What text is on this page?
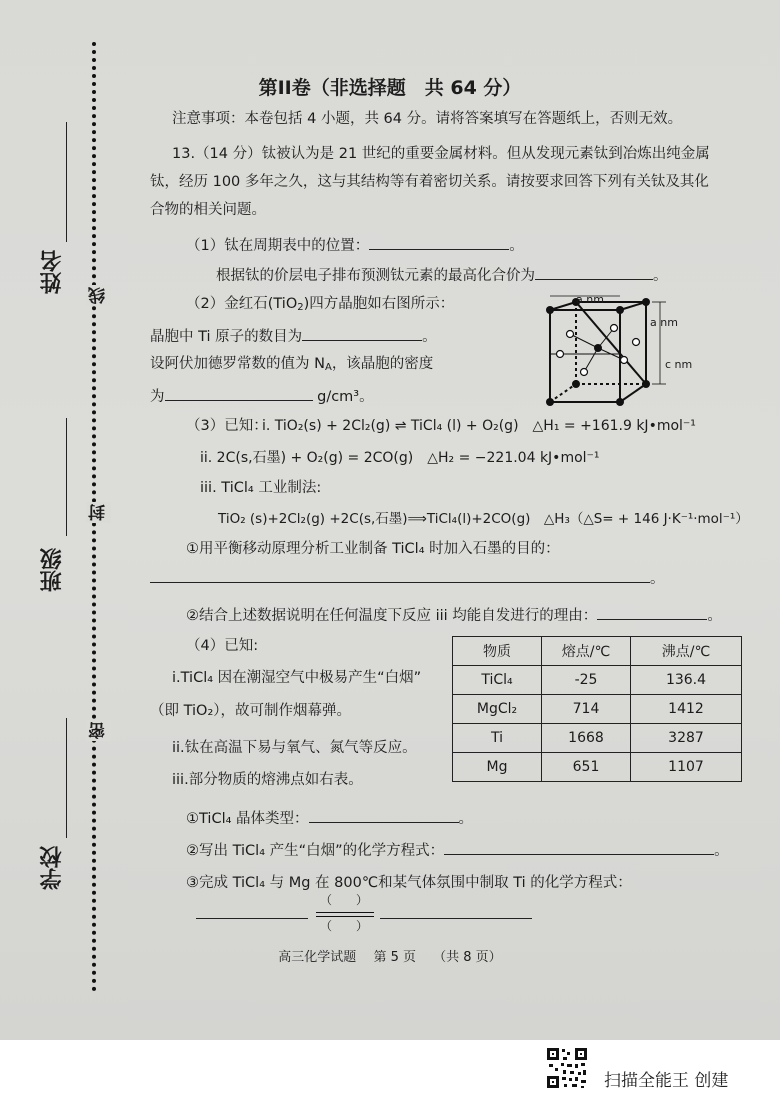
姓名
线
班级
封
学校
密
第II卷（非选择题　共 64 分）
注意事项：本卷包括 4 小题，共 64 分。请将答案填写在答题纸上，否则无效。
13.（14 分）钛被认为是 21 世纪的重要金属材料。但从发现元素钛到冶炼出纯金属
钛，经历 100 多年之久，这与其结构等有着密切关系。请按要求回答下列有关钛及其化
合物的相关问题。
（1）钛在周期表中的位置：	。
根据钛的价层电子排布预测钛元素的最高化合价为	。
（2）金红石(TiO$_2$)四方晶胞如右图所示：
晶胞中 Ti 原子的数目为	。
设阿伏加德罗常数的值为 $N_A$，该晶胞的密度
为	g/cm³。
a nm
a nm
c nm
（3）已知：
i. TiO₂(s) + 2Cl₂(g) ⇌ TiCl₄ (l) + O₂(g)　△H₁ = +161.9 kJ•mol⁻¹
ii. 2C(s,石墨) + O₂(g) = 2CO(g)　△H₂ = −221.04 kJ•mol⁻¹
iii. TiCl₄ 工业制法:
TiO₂ (s)+2Cl₂(g) +2C(s,石墨)⟹TiCl₄(l)+2CO(g)　△H₃（△S= + 146 J·K⁻¹·mol⁻¹）
①用平衡移动原理分析工业制备 TiCl₄ 时加入石墨的目的：
。
②结合上述数据说明在任何温度下反应 iii 均能自发进行的理由：	。
（4）已知:
i.TiCl₄ 因在潮湿空气中极易产生“白烟”
（即 TiO₂），故可制作烟幕弹。
ii.钛在高温下易与氧气、氮气等反应。
iii.部分物质的熔沸点如右表。
物质	熔点/℃	沸点/℃
TiCl₄	-25	136.4
MgCl₂	714	1412
Ti	1668	3287
Mg	651	1107
①TiCl₄ 晶体类型：	。
②写出 TiCl₄ 产生“白烟”的化学方程式：	。
③完成 TiCl₄ 与 Mg 在 800℃和某气体氛围中制取 Ti 的化学方程式：
（　　）
（　　）
高三化学试题　 第 5 页　 （共 8 页）
扫描全能王 创建
